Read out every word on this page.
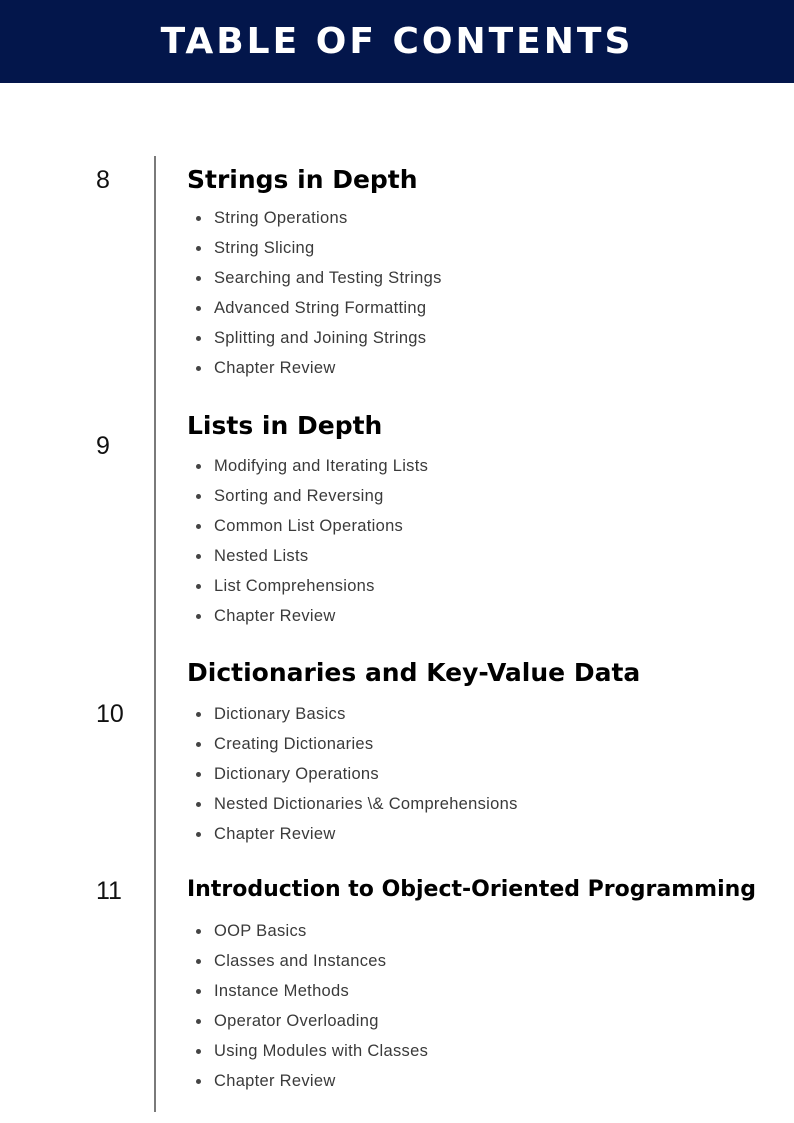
TABLE OF CONTENTS
8	Strings in Depth
String Operations
String Slicing
Searching and Testing Strings
Advanced String Formatting
Splitting and Joining Strings
Chapter Review
9
Lists in Depth
Modifying and Iterating Lists
Sorting and Reversing
Common List Operations
Nested Lists
List Comprehensions
Chapter Review
10
Dictionaries and Key-Value Data
Dictionary Basics
Creating Dictionaries
Dictionary Operations
Nested Dictionaries \& Comprehensions
Chapter Review
11	Introduction to Object-Oriented Programming
OOP Basics
Classes and Instances
Instance Methods
Operator Overloading
Using Modules with Classes
Chapter Review
